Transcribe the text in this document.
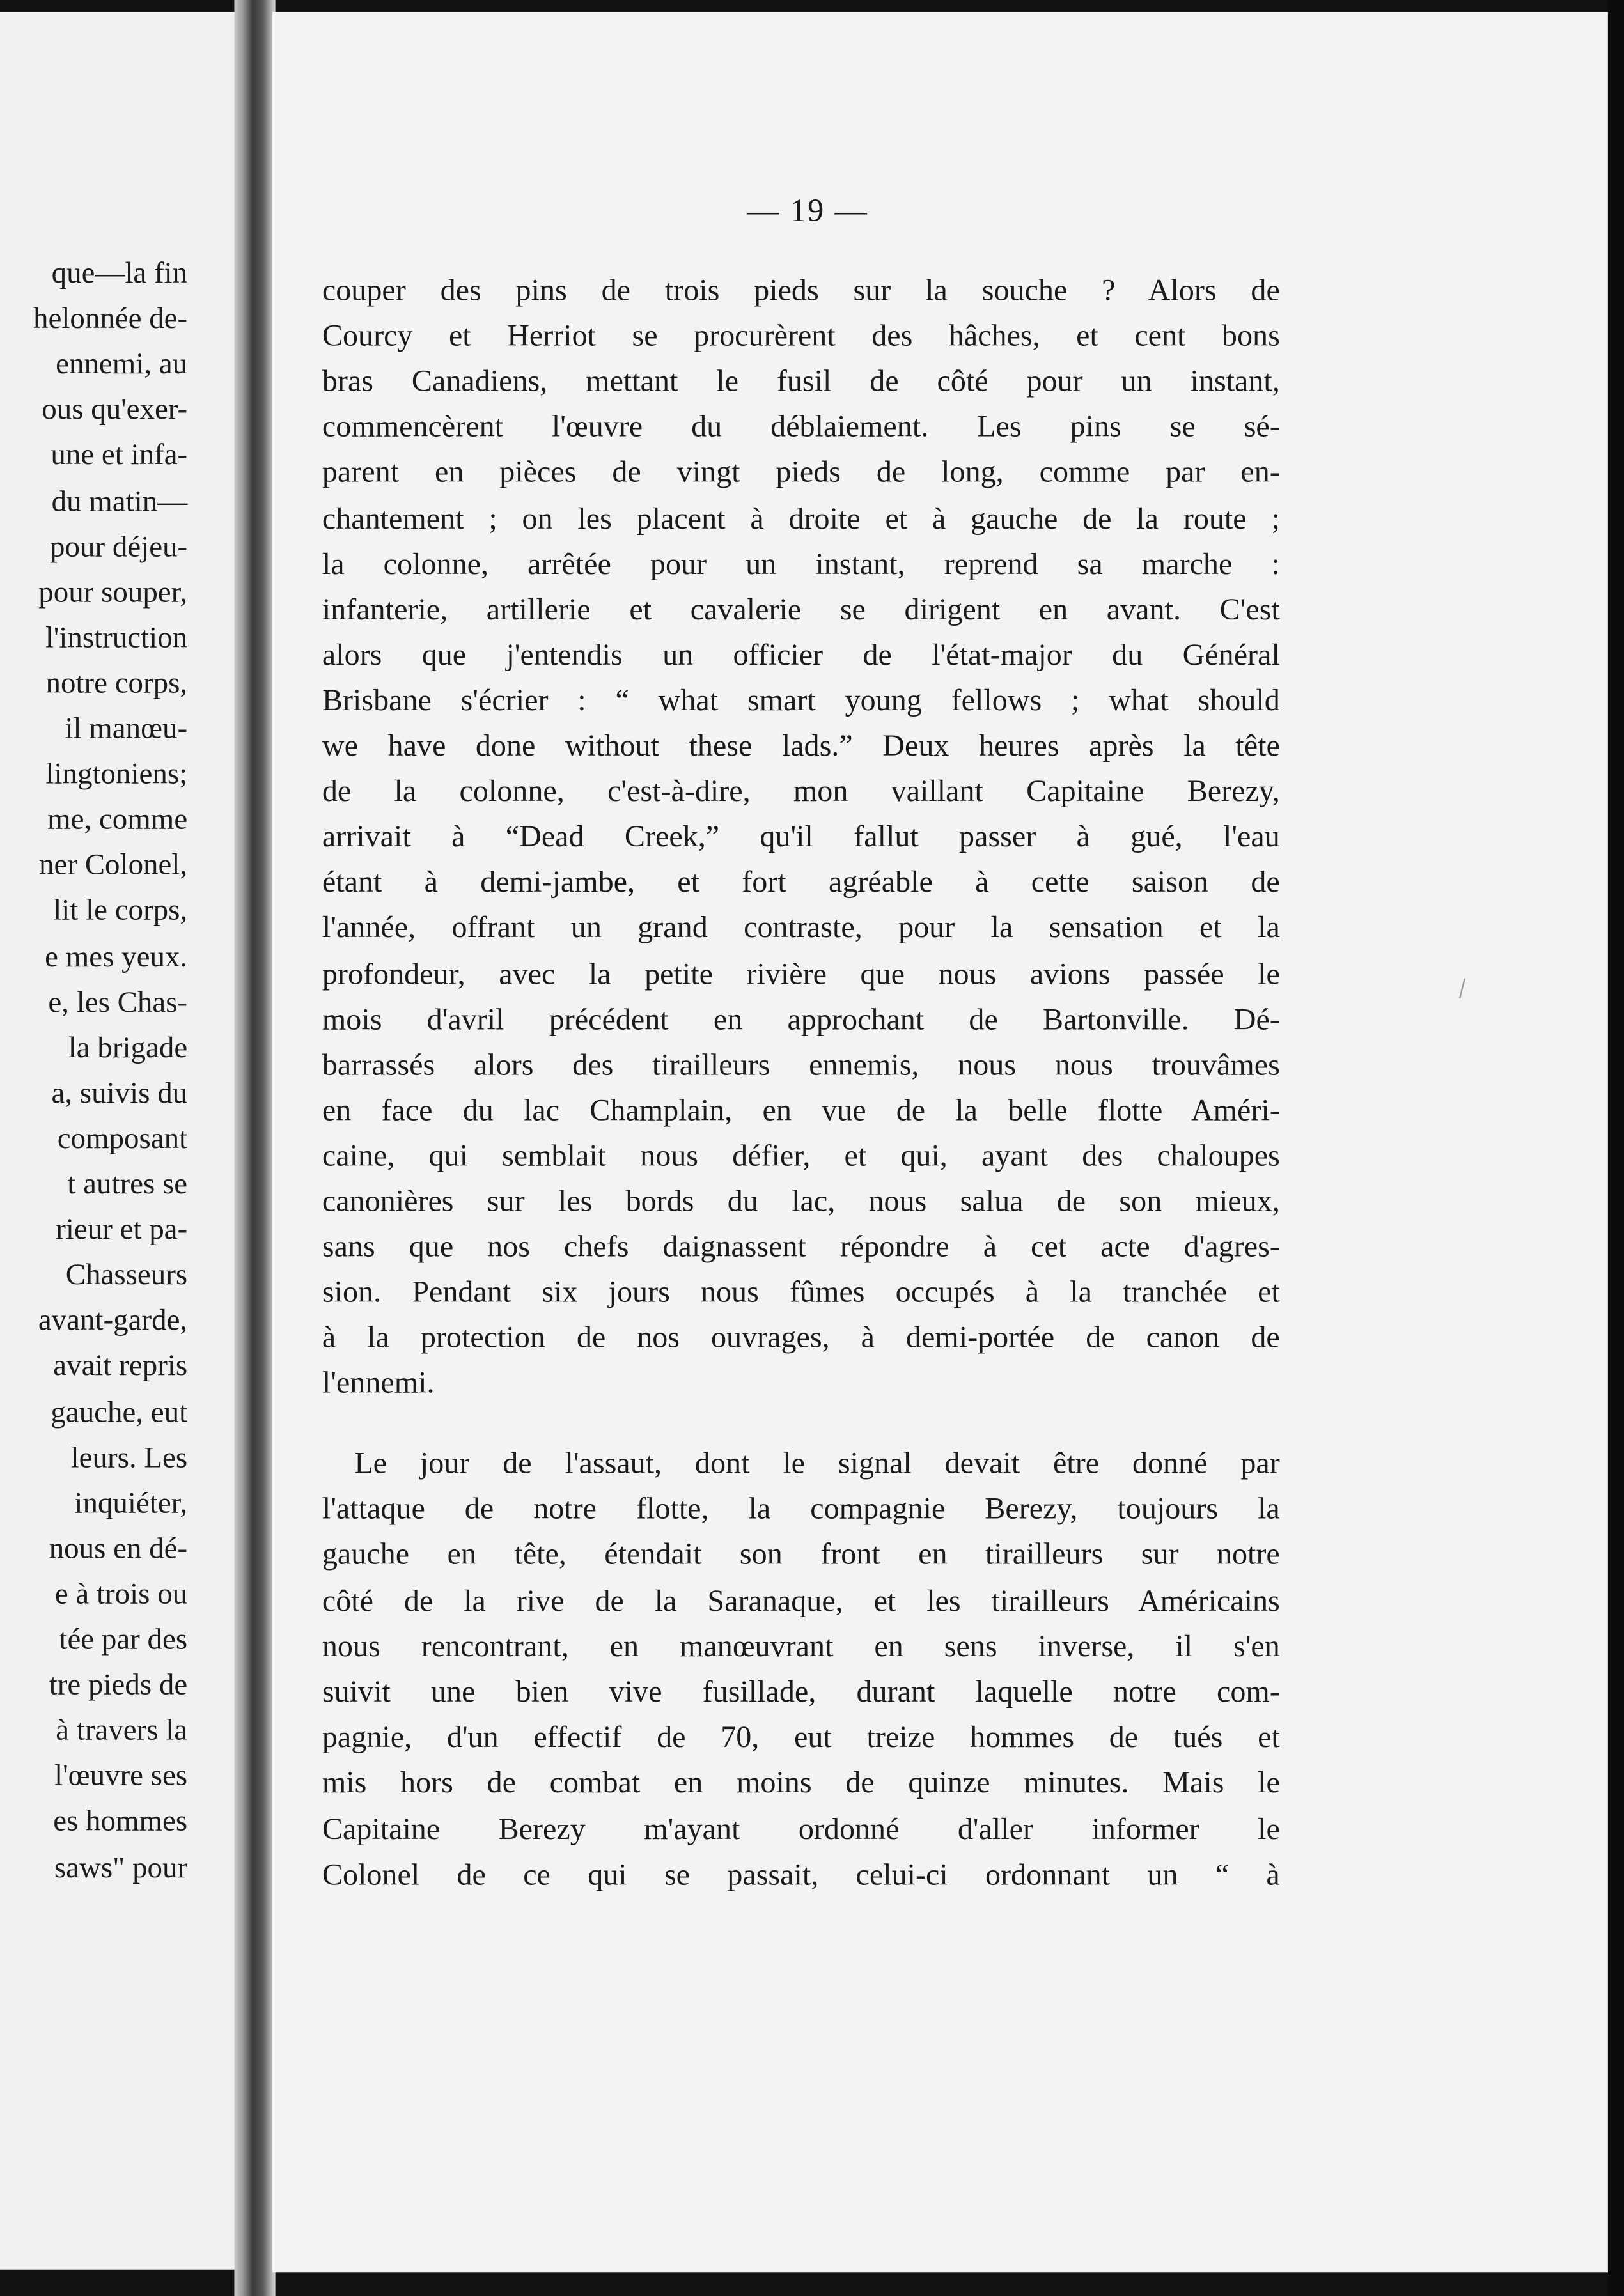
que—la fin
helonnée de-
ennemi, au
ous qu'exer-
une et infa-
du matin—
pour déjeu-
pour souper,
l'instruction
notre corps,
il manœu-
lingtoniens;
me, comme
ner Colonel,
lit le corps,
e mes yeux.
e, les Chas-
la brigade
a, suivis du
composant
t autres se
rieur et pa-
Chasseurs
avant-garde,
avait repris
gauche, eut
leurs. Les
inquiéter,
nous en dé-
e à trois ou
tée par des
tre pieds de
à travers la
l'œuvre ses
es hommes
saws" pour
— 19 —
couper des pins de trois pieds sur la souche ? Alors de
Courcy et Herriot se procurèrent des hâches, et cent bons
bras Canadiens, mettant le fusil de côté pour un instant,
commencèrent l'œuvre du déblaiement. Les pins se sé-
parent en pièces de vingt pieds de long, comme par en-
chantement ; on les placent à droite et à gauche de la route ;
la colonne, arrêtée pour un instant, reprend sa marche :
infanterie, artillerie et cavalerie se dirigent en avant. C'est
alors que j'entendis un officier de l'état-major du Général
Brisbane s'écrier : “ what smart young fellows ; what should
we have done without these lads.” Deux heures après la tête
de la colonne, c'est-à-dire, mon vaillant Capitaine Berezy,
arrivait à “Dead Creek,” qu'il fallut passer à gué, l'eau
étant à demi-jambe, et fort agréable à cette saison de
l'année, offrant un grand contraste, pour la sensation et la
profondeur, avec la petite rivière que nous avions passée le
mois d'avril précédent en approchant de Bartonville. Dé-
barrassés alors des tirailleurs ennemis, nous nous trouvâmes
en face du lac Champlain, en vue de la belle flotte Améri-
caine, qui semblait nous défier, et qui, ayant des chaloupes
canonières sur les bords du lac, nous salua de son mieux,
sans que nos chefs daignassent répondre à cet acte d'agres-
sion. Pendant six jours nous fûmes occupés à la tranchée et
à la protection de nos ouvrages, à demi-portée de canon de
l'ennemi.
Le jour de l'assaut, dont le signal devait être donné par
l'attaque de notre flotte, la compagnie Berezy, toujours la
gauche en tête, étendait son front en tirailleurs sur notre
côté de la rive de la Saranaque, et les tirailleurs Américains
nous rencontrant, en manœuvrant en sens inverse, il s'en
suivit une bien vive fusillade, durant laquelle notre com-
pagnie, d'un effectif de 70, eut treize hommes de tués et
mis hors de combat en moins de quinze minutes. Mais le
Capitaine Berezy m'ayant ordonné d'aller informer le
Colonel de ce qui se passait, celui-ci ordonnant un “ à
